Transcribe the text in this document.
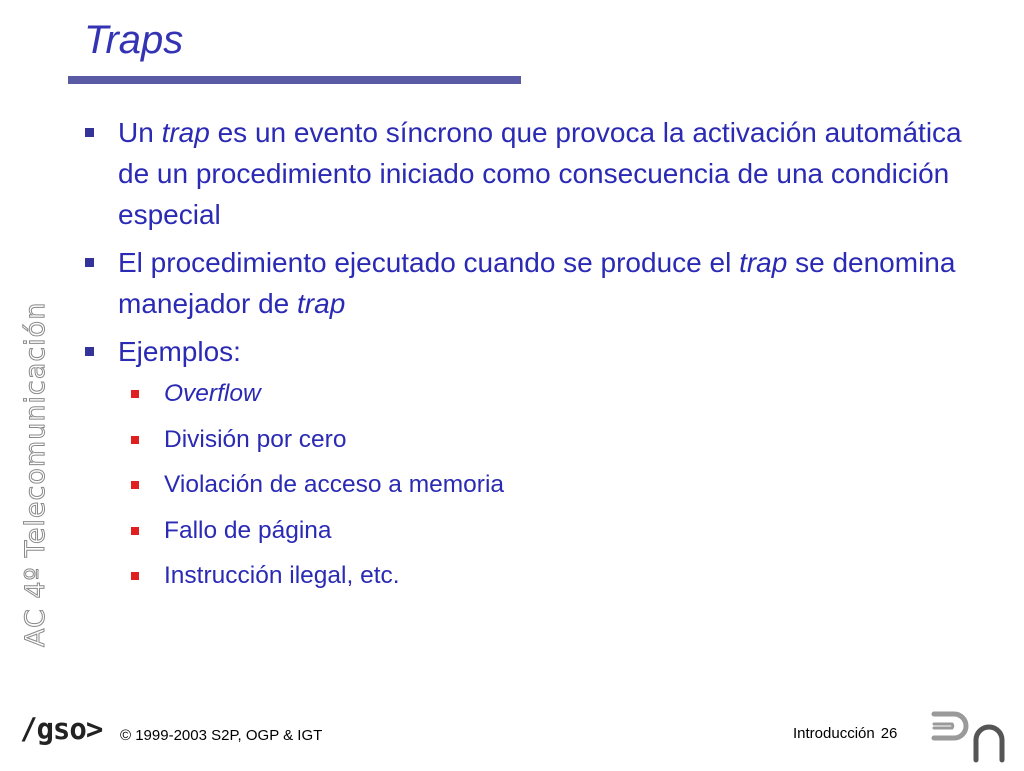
Traps
AC 4º Telecomunicación
Un trap es un evento síncrono que provoca la activación automática de un procedimiento iniciado como consecuencia de una condición especial
El procedimiento ejecutado cuando se produce el trap se denomina manejador de trap
Ejemplos:
Overflow
División por cero
Violación de acceso a memoria
Fallo de página
Instrucción ilegal, etc.
/gso> © 1999-2003 S2P, OGP & IGT	Introducción 26
